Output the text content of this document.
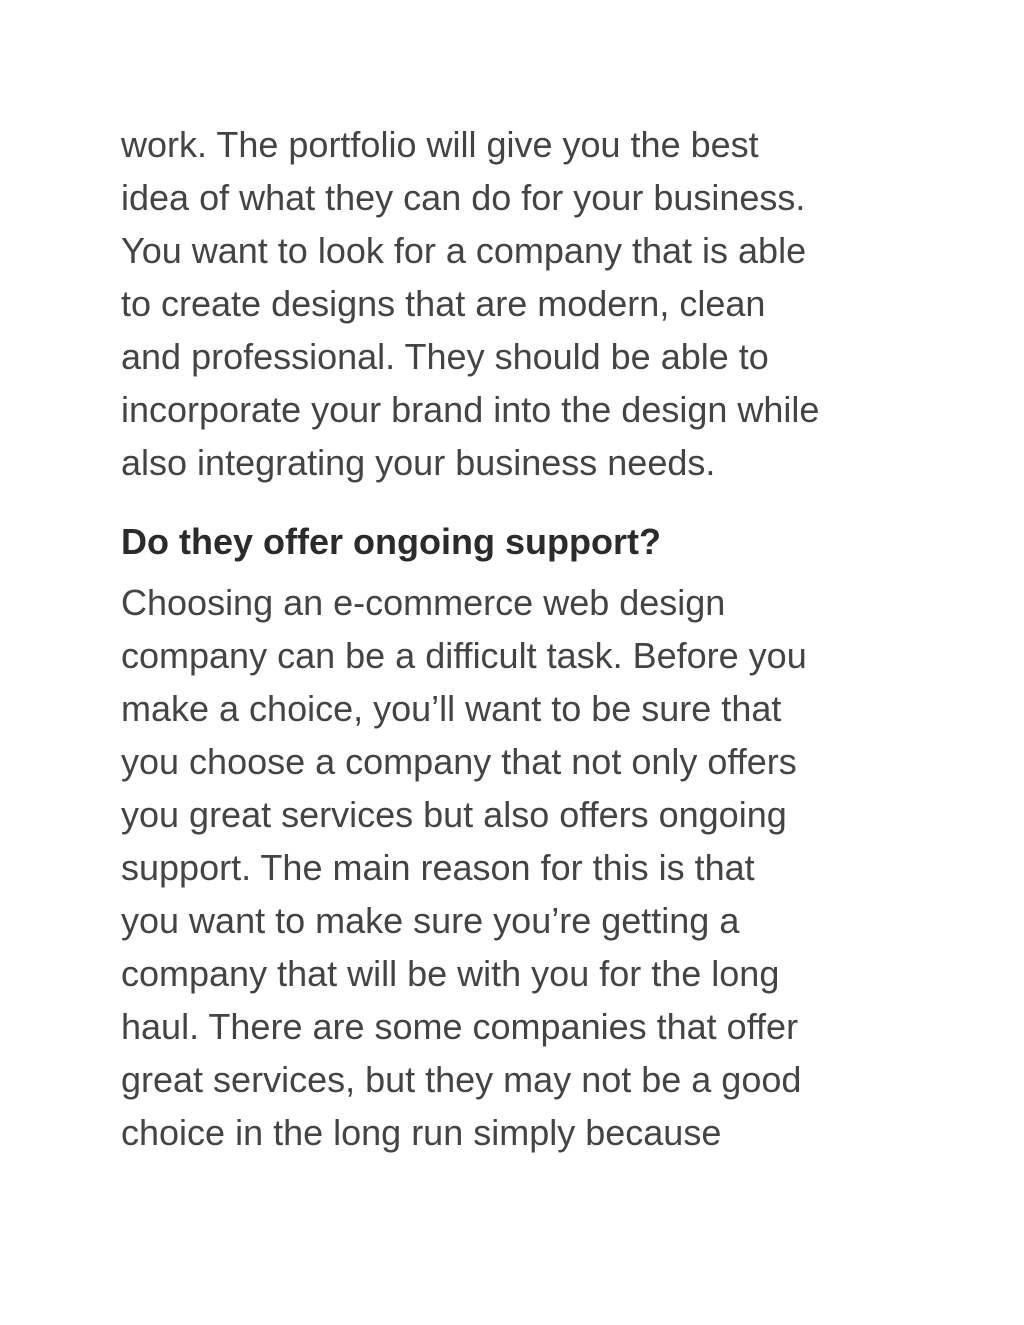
work. The portfolio will give you the best
idea of what they can do for your business.
You want to look for a company that is able
to create designs that are modern, clean
and professional. They should be able to
incorporate your brand into the design while
also integrating your business needs.
Do they offer ongoing support?
Choosing an e-commerce web design
company can be a difficult task. Before you
make a choice, you’ll want to be sure that
you choose a company that not only offers
you great services but also offers ongoing
support. The main reason for this is that
you want to make sure you’re getting a
company that will be with you for the long
haul. There are some companies that offer
great services, but they may not be a good
choice in the long run simply because
